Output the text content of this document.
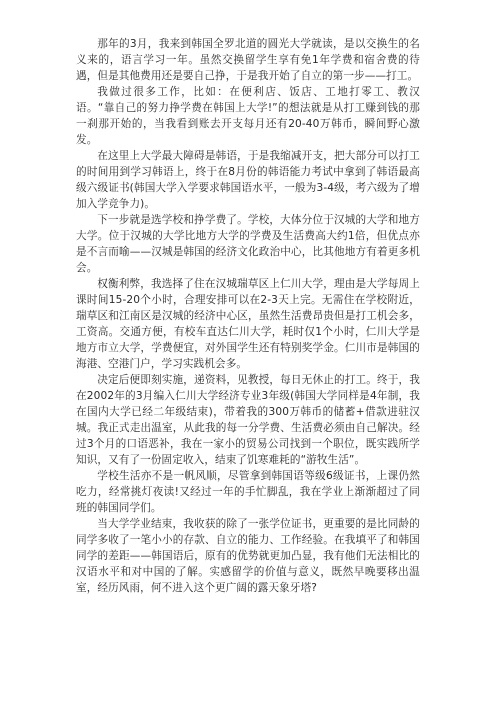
那年的3月，我来到韩国全罗北道的圆光大学就读，是以交换生的名义来的，语言学习一年。虽然交换留学生享有免1年学费和宿舍费的待遇，但是其他费用还是要自己挣，于是我开始了自立的第一步——打工。

我做过很多工作，比如：在便利店、饭店、工地打零工、教汉语。“靠自己的努力挣学费在韩国上大学!”的想法就是从打工赚到钱的那一刹那开始的，当我看到账去开支每月还有20-40万韩币，瞬间野心激发。

在这里上大学最大障碍是韩语，于是我缩减开支，把大部分可以打工的时间用到学习韩语上，终于在8月份的韩语能力考试中拿到了韩语最高级六级证书(韩国大学入学要求韩国语水平，一般为3-4级，考六级为了增加入学竞争力)。

下一步就是选学校和挣学费了。学校，大体分位于汉城的大学和地方大学。位于汉城的大学比地方大学的学费及生活费高大约1倍，但优点亦是不言而喻——汉城是韩国的经济文化政治中心，比其他地方有着更多机会。

权衡利弊，我选择了住在汉城瑞草区上仁川大学，理由是大学每周上课时间15-20个小时，合理安排可以在2-3天上完。无需住在学校附近，瑞草区和江南区是汉城的经济中心区，虽然生活费昂贵但是打工机会多，工资高。交通方便，有校车直达仁川大学，耗时仅1个小时，仁川大学是地方市立大学，学费便宜，对外国学生还有特别奖学金。仁川市是韩国的海港、空港门户，学习实践机会多。

决定后便即刻实施，递资料，见教授，每日无休止的打工。终于，我在2002年的3月编入仁川大学经济专业3年级(韩国大学同样是4年制，我在国内大学已经二年级结束)，带着我的300万韩币的储蓄+借款进驻汉城。我正式走出温室，从此我的每一分学费、生活费必须由自己解决。经过3个月的口语恶补，我在一家小的贸易公司找到一个职位，既实践所学知识，又有了一份固定收入，结束了饥寒难耗的“游牧生活”。

学校生活亦不是一帆风顺，尽管拿到韩国语等级6级证书，上课仍然吃力，经常挑灯夜读!又经过一年的手忙脚乱，我在学业上渐渐超过了同班的韩国同学们。

当大学学业结束，我收获的除了一张学位证书，更重要的是比同龄的同学多收了一笔小小的存款、自立的能力、工作经验。在我填平了和韩国同学的差距——韩国语后，原有的优势就更加凸显，我有他们无法相比的汉语水平和对中国的了解。实感留学的价值与意义，既然早晚要移出温室，经历风雨，何不进入这个更广阔的露天象牙塔?
